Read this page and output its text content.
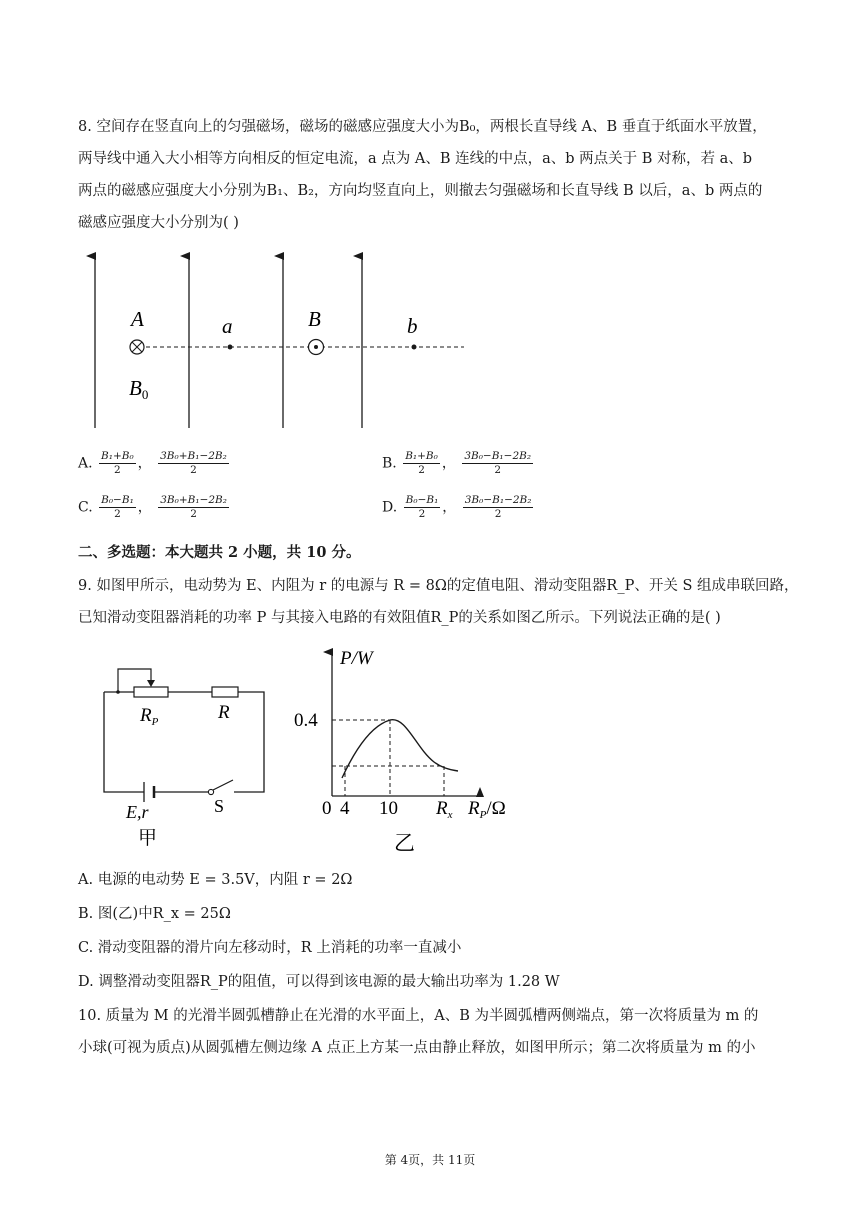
8. 空间存在竖直向上的匀强磁场，磁场的磁感应强度大小为B₀，两根长直导线 A、B 垂直于纸面水平放置，
两导线中通入大小相等方向相反的恒定电流，a 点为 A、B 连线的中点，a、b 两点关于 B 对称，若 a、b
两点的磁感应强度大小分别为B₁、B₂，方向均竖直向上，则撤去匀强磁场和长直导线 B 以后，a、b 两点的
磁感应强度大小分别为( )
A	a	B	b
B0
A. $\frac{\text{B₁+B₀}}{2}$ ， $\frac{\text{3B₀+B₁−2B₂}}{2}$	B. $\frac{\text{B₁+B₀}}{2}$ ， $\frac{\text{3B₀−B₁−2B₂}}{2}$
C. $\frac{\text{B₀−B₁}}{2}$ ， $\frac{\text{3B₀+B₁−2B₂}}{2}$	D. $\frac{\text{B₀−B₁}}{2}$ ， $\frac{\text{3B₀−B₁−2B₂}}{2}$
二、多选题：本大题共 2 小题，共 10 分。
9. 如图甲所示，电动势为 E、内阻为 r 的电源与 R = 8Ω的定值电阻、滑动变阻器R_P、开关 S 组成串联回路，
已知滑动变阻器消耗的功率 P 与其接入电路的有效阻值R_P的关系如图乙所示。下列说法正确的是( )
$R_P$	R
E,r	S
甲
P/W
0.4
0 4 10 $R_x$ $R_P/\Omega$
乙
A. 电源的电动势 E = 3.5V，内阻 r = 2Ω
B. 图(乙)中R_x = 25Ω
C. 滑动变阻器的滑片向左移动时，R 上消耗的功率一直减小
D. 调整滑动变阻器R_P的阻值，可以得到该电源的最大输出功率为 1.28 W
10. 质量为 M 的光滑半圆弧槽静止在光滑的水平面上，A、B 为半圆弧槽两侧端点，第一次将质量为 m 的
小球(可视为质点)从圆弧槽左侧边缘 A 点正上方某一点由静止释放，如图甲所示；第二次将质量为 m 的小
第 4页，共 11页
